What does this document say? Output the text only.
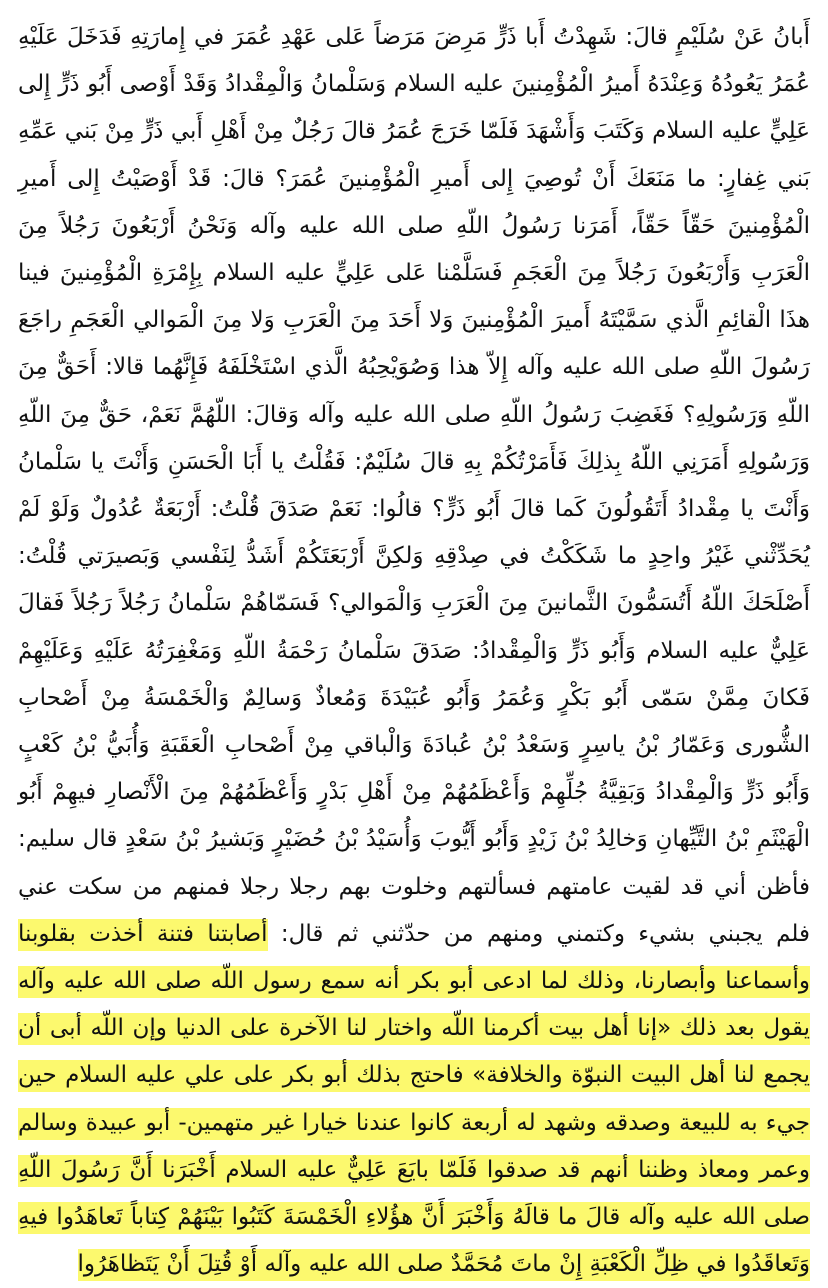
أَبانُ عَنْ سُلَيْمٍ قالَ: شَهِدْتُ أَبا ذَرٍّ مَرِضَ مَرَضاً عَلى عَهْدِ عُمَرَ في إِمارَتِهِ فَدَخَلَ عَلَيْهِ عُمَرُ يَعُودُهُ وَعِنْدَهُ أَميرُ الْمُؤْمِنينَ عليه السلام وَسَلْمانُ وَالْمِقْدادُ وَقَدْ أَوْصى أَبُو ذَرٍّ إِلى عَلِيٍّ عليه السلام وَكَتَبَ وَأَشْهَدَ فَلَمّا خَرَجَ عُمَرُ قالَ رَجُلٌ مِنْ أَهْلِ أَبي ذَرٍّ مِنْ بَني عَمِّهِ بَني غِفارٍ: ما مَنَعَكَ أَنْ تُوصِيَ إِلى أَميرِ الْمُؤْمِنينَ عُمَرَ؟ قالَ: قَدْ أَوْصَيْتُ إِلى أَميرِ الْمُؤْمِنينَ حَقّاً حَقّاً، أَمَرَنا رَسُولُ اللّهِ صلى الله عليه وآله وَنَحْنُ أَرْبَعُونَ رَجُلاً مِنَ الْعَرَبِ وَأَرْبَعُونَ رَجُلاً مِنَ الْعَجَمِ فَسَلَّمْنا عَلى عَلِيٍّ عليه السلام بِإِمْرَةِ الْمُؤْمِنينَ فينا هذَا الْقائِمِ الَّذي سَمَّيْتَهُ أَميرَ الْمُؤْمِنينَ وَلا أَحَدَ مِنَ الْعَرَبِ وَلا مِنَ الْمَوالي الْعَجَمِ راجَعَ رَسُولَ اللّهِ صلى الله عليه وآله إِلاّ هذا وَصُوَيْحِبُهُ الَّذي اسْتَخْلَفَهُ فَإِنَّهُما قالا: أَحَقٌّ مِنَ اللّهِ وَرَسُولِهِ؟ فَغَضِبَ رَسُولُ اللّهِ صلى الله عليه وآله وَقالَ: اللّهُمَّ نَعَمْ، حَقٌّ مِنَ اللّهِ وَرَسُولِهِ أَمَرَنِي اللّهُ بِذلِكَ فَأَمَرْتُكُمْ بِهِ قالَ سُلَيْمٌ: فَقُلْتُ يا أَبَا الْحَسَنِ وَأَنْتَ يا سَلْمانُ وَأَنْتَ يا مِقْدادُ أَتَقُولُونَ كَما قالَ أَبُو ذَرٍّ؟ قالُوا: نَعَمْ صَدَقَ قُلْتُ: أَرْبَعَةٌ عُدُولٌ وَلَوْ لَمْ يُحَدِّثْني غَيْرُ واحِدٍ ما شَكَكْتُ في صِدْقِهِ وَلكِنَّ أَرْبَعَتَكُمْ أَشَدُّ لِنَفْسي وَبَصيرَتي قُلْتُ: أَصْلَحَكَ اللّهُ أَتُسَمُّونَ الثَّمانينَ مِنَ الْعَرَبِ وَالْمَوالي؟ فَسَمّاهُمْ سَلْمانُ رَجُلاً رَجُلاً فَقالَ عَلِيٌّ عليه السلام وَأَبُو ذَرٍّ وَالْمِقْدادُ: صَدَقَ سَلْمانُ رَحْمَةُ اللّهِ وَمَغْفِرَتُهُ عَلَيْهِ وَعَلَيْهِمْ فَكانَ مِمَّنْ سَمّى أَبُو بَكْرٍ وَعُمَرُ وَأَبُو عُبَيْدَةَ وَمُعاذٌ وَسالِمٌ وَالْخَمْسَةُ مِنْ أَصْحابِ الشُّورى وَعَمّارُ بْنُ ياسِرٍ وَسَعْدُ بْنُ عُبادَةَ وَالْباقي مِنْ أَصْحابِ الْعَقَبَةِ وَأُبَيُّ بْنُ كَعْبٍ وَأَبُو ذَرٍّ وَالْمِقْدادُ وَبَقِيَّةُ جُلِّهِمْ وَأَعْظَمُهُمْ مِنْ أَهْلِ بَدْرٍ وَأَعْظَمُهُمْ مِنَ الْأَنْصارِ فيهِمْ أَبُو الْهَيْثَمِ بْنُ التَّيِّهانِ وَخالِدُ بْنُ زَيْدٍ وَأَبُو أَيُّوبَ وَأُسَيْدُ بْنُ حُضَيْرٍ وَبَشيرُ بْنُ سَعْدٍ قال سليم: فأظن أني قد لقيت عامتهم فسألتهم وخلوت بهم رجلا رجلا فمنهم من سكت عني فلم يجبني بشيء وكتمني ومنهم من حدّثني ثم قال: أصابتنا فتنة أخذت بقلوبنا وأسماعنا وأبصارنا، وذلك لما ادعى أبو بكر أنه سمع رسول اللّه صلى الله عليه وآله يقول بعد ذلك «إنا أهل بيت أكرمنا اللّه واختار لنا الآخرة على الدنيا وإن اللّه أبى أن يجمع لنا أهل البيت النبوّة والخلافة» فاحتج بذلك أبو بكر على علي عليه السلام حين جيء به للبيعة وصدقه وشهد له أربعة كانوا عندنا خيارا غير متهمين- أبو عبيدة وسالم وعمر ومعاذ وظننا أنهم قد صدقوا فَلَمّا بايَعَ عَلِيٌّ عليه السلام أَخْبَرَنا أَنَّ رَسُولَ اللّهِ صلى الله عليه وآله قالَ ما قالَهُ وَأَخْبَرَ أَنَّ هؤُلاءِ الْخَمْسَةَ كَتَبُوا بَيْنَهُمْ كِتاباً تَعاهَدُوا فيهِ وَتَعاقَدُوا في ظِلِّ الْكَعْبَةِ إِنْ ماتَ مُحَمَّدٌ صلى الله عليه وآله أَوْ قُتِلَ أَنْ يَتَظاهَرُوا
